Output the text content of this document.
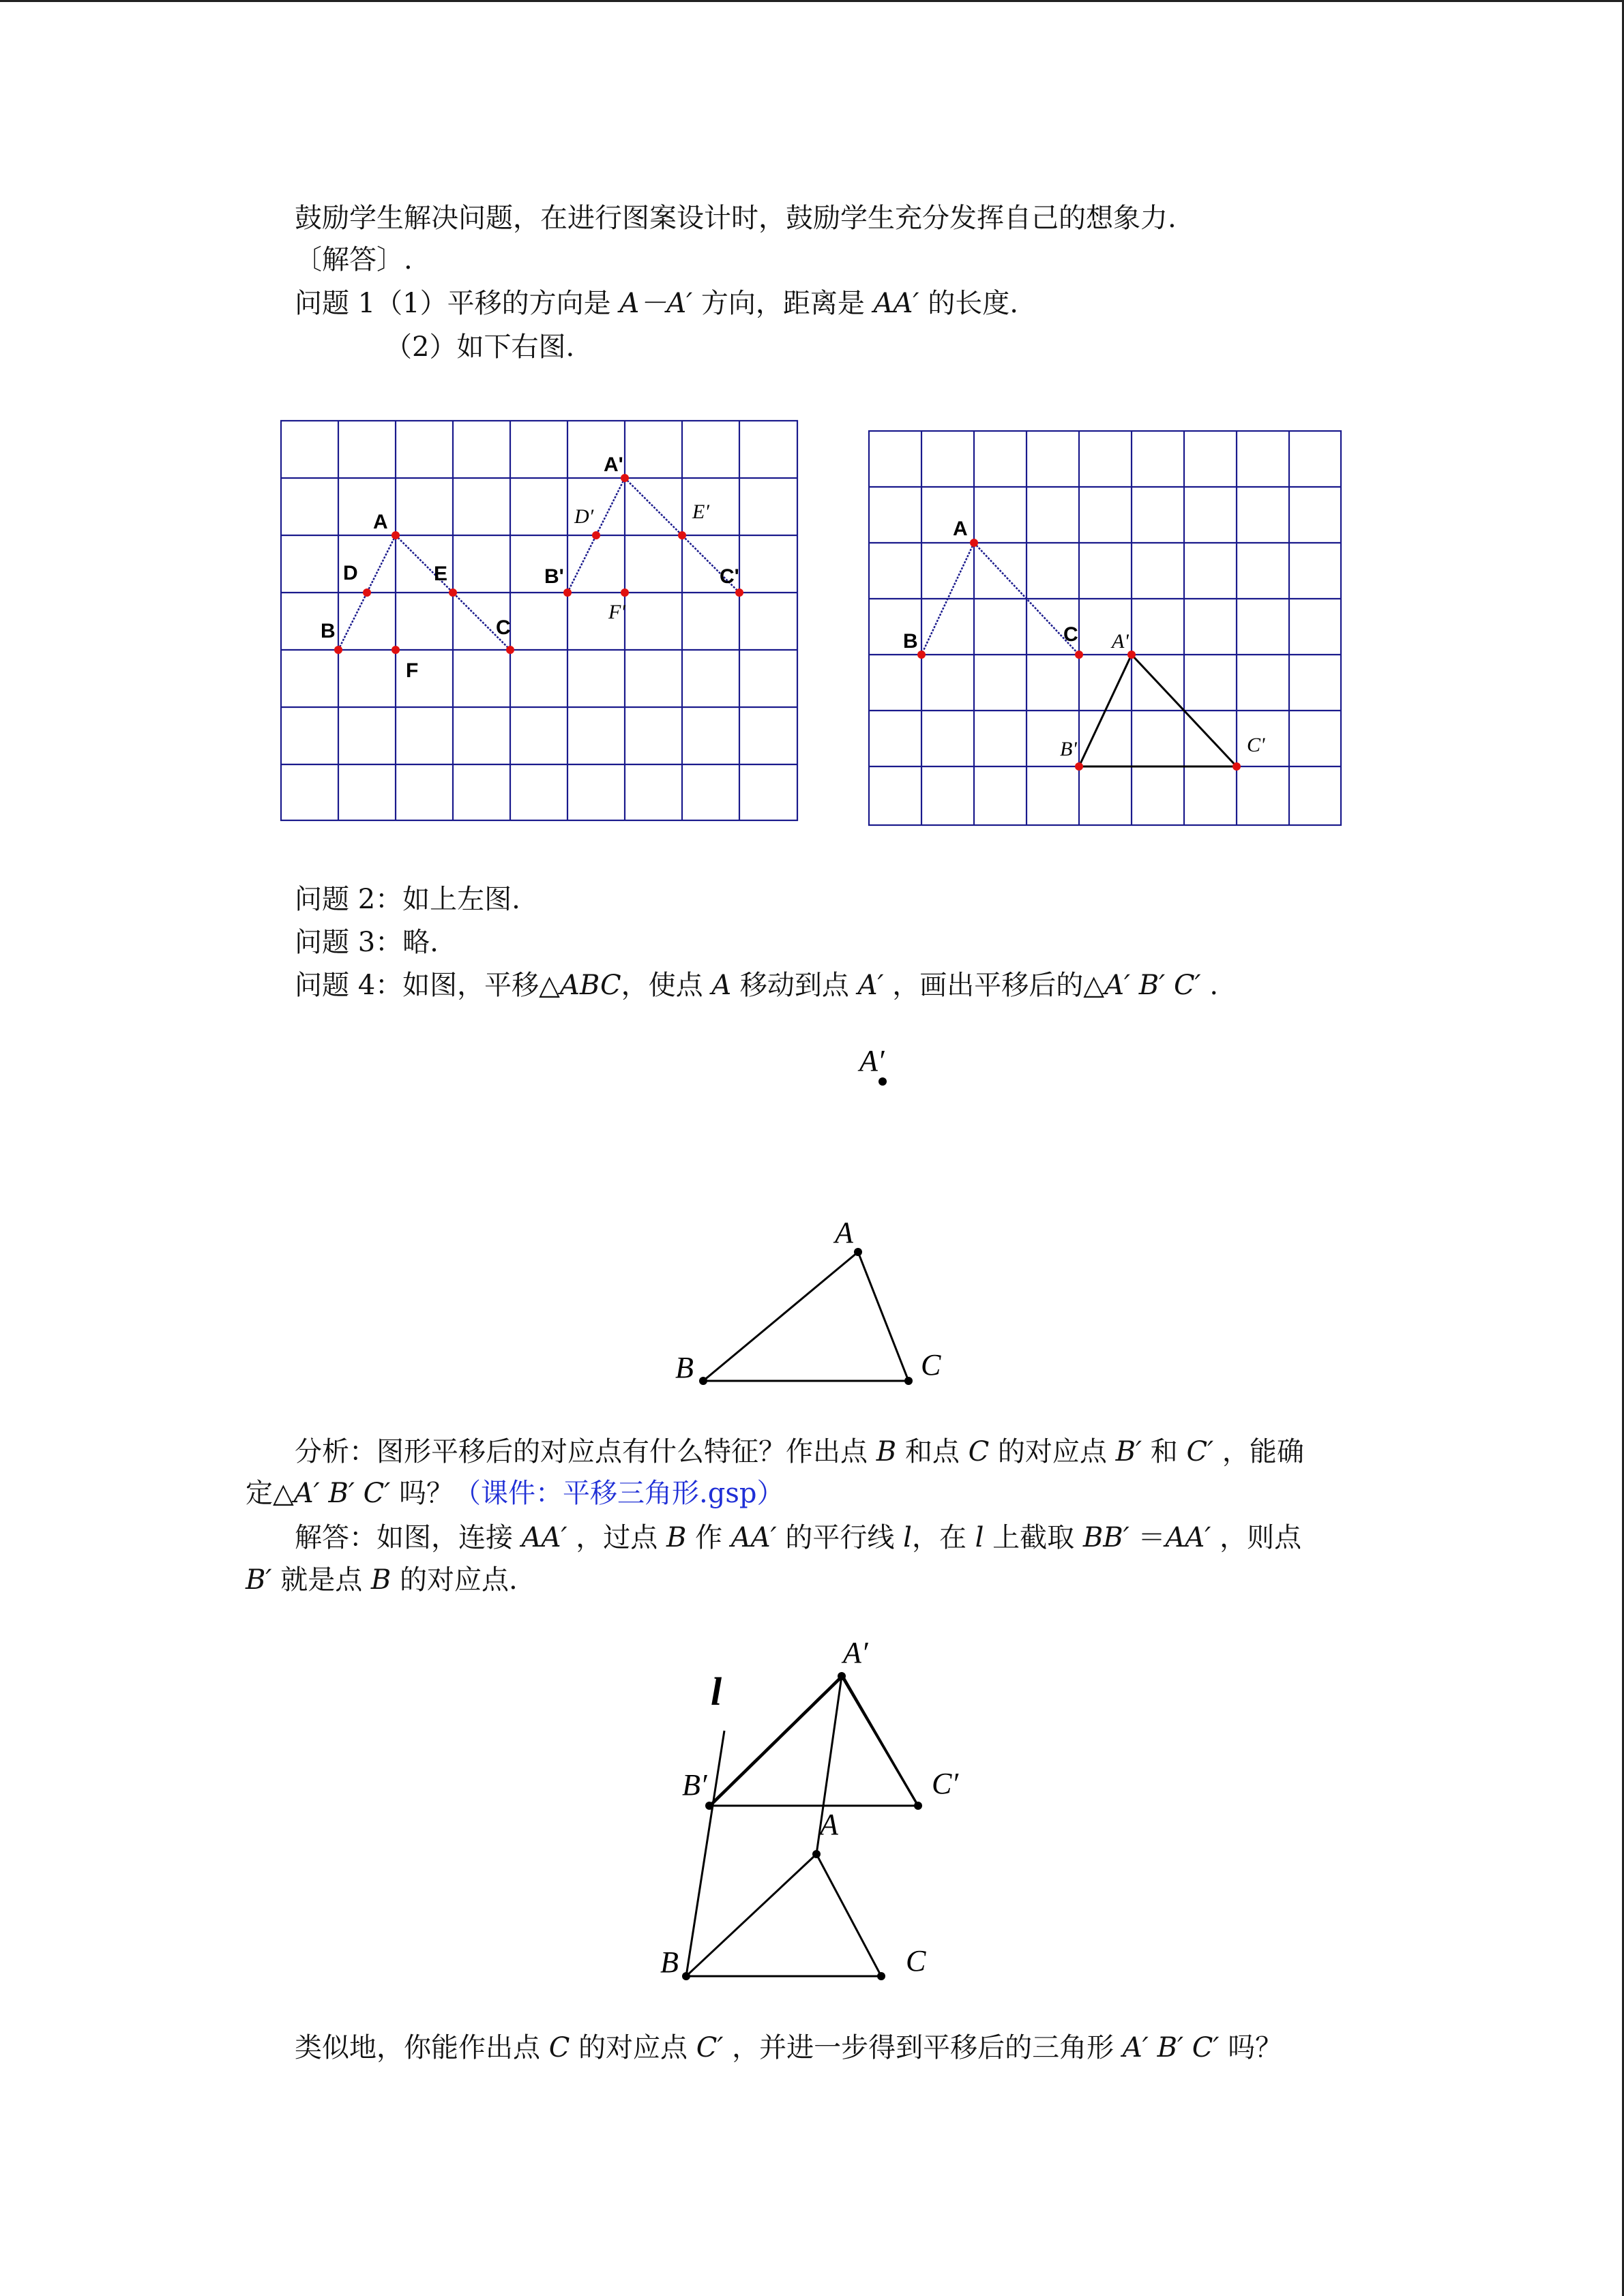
鼓励学生解决问题，在进行图案设计时，鼓励学生充分发挥自己的想象力.
〔解答〕.
问题 1（1）平移的方向是 A－A′ 方向，距离是 AA′ 的长度.
（2）如下右图.
A
D
B
E
C
F
A'
D′
B'
E′
C'
F′
A
B	C A'
B'	C'
问题 2：如上左图.
问题 3：略.
问题 4：如图，平移△ABC，使点 A 移动到点 A′ ，画出平移后的△A′ B′ C′ .
A′
A
B	C
分析：图形平移后的对应点有什么特征？作出点 B 和点 C 的对应点 B′ 和 C′ ，能确
定△A′ B′ C′ 吗？（课件：平移三角形.gsp）
解答：如图，连接 AA′ ，过点 B 作 AA′ 的平行线 l，在 l 上截取 BB′ ＝AA′ ，则点
B′ 就是点 B 的对应点.
l
A′
B′	C′
A
B	C
类似地，你能作出点 C 的对应点 C′ ，并进一步得到平移后的三角形 A′ B′ C′ 吗？
